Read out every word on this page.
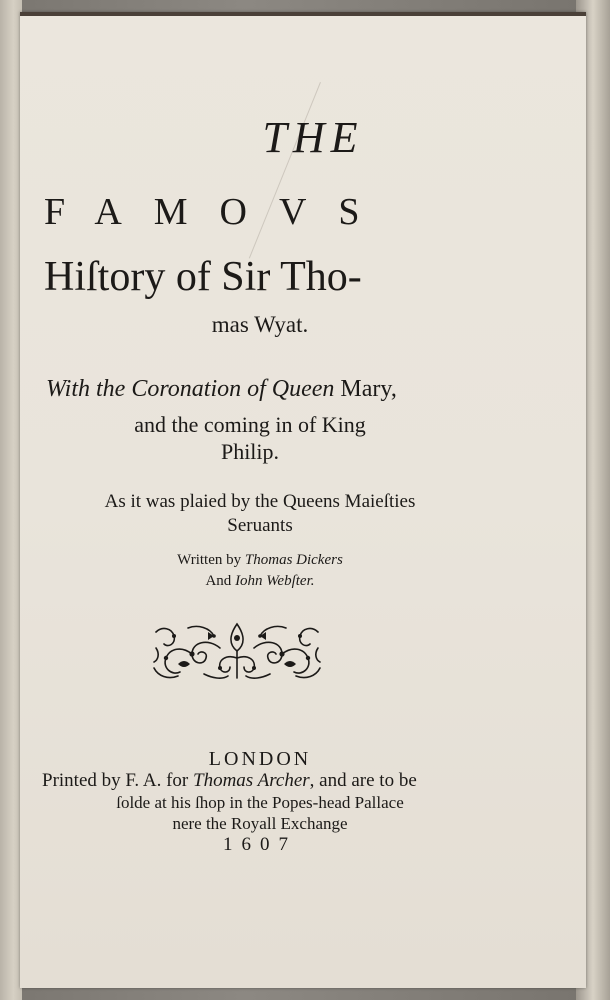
THE
FAMOVS
Hiſtory of Sir Tho-
mas Wyat.
With the Coronation of Queen Mary,
and the coming in of King
Philip.
As it was plaied by the Queens Maieſties
Seruants
Written by Thomas Dickers
And Iohn Webſter.
LONDON
Printed by F. A. for Thomas Archer, and are to be
ſolde at his ſhop in the Popes-head Pallace
nere the Royall Exchange
1607
